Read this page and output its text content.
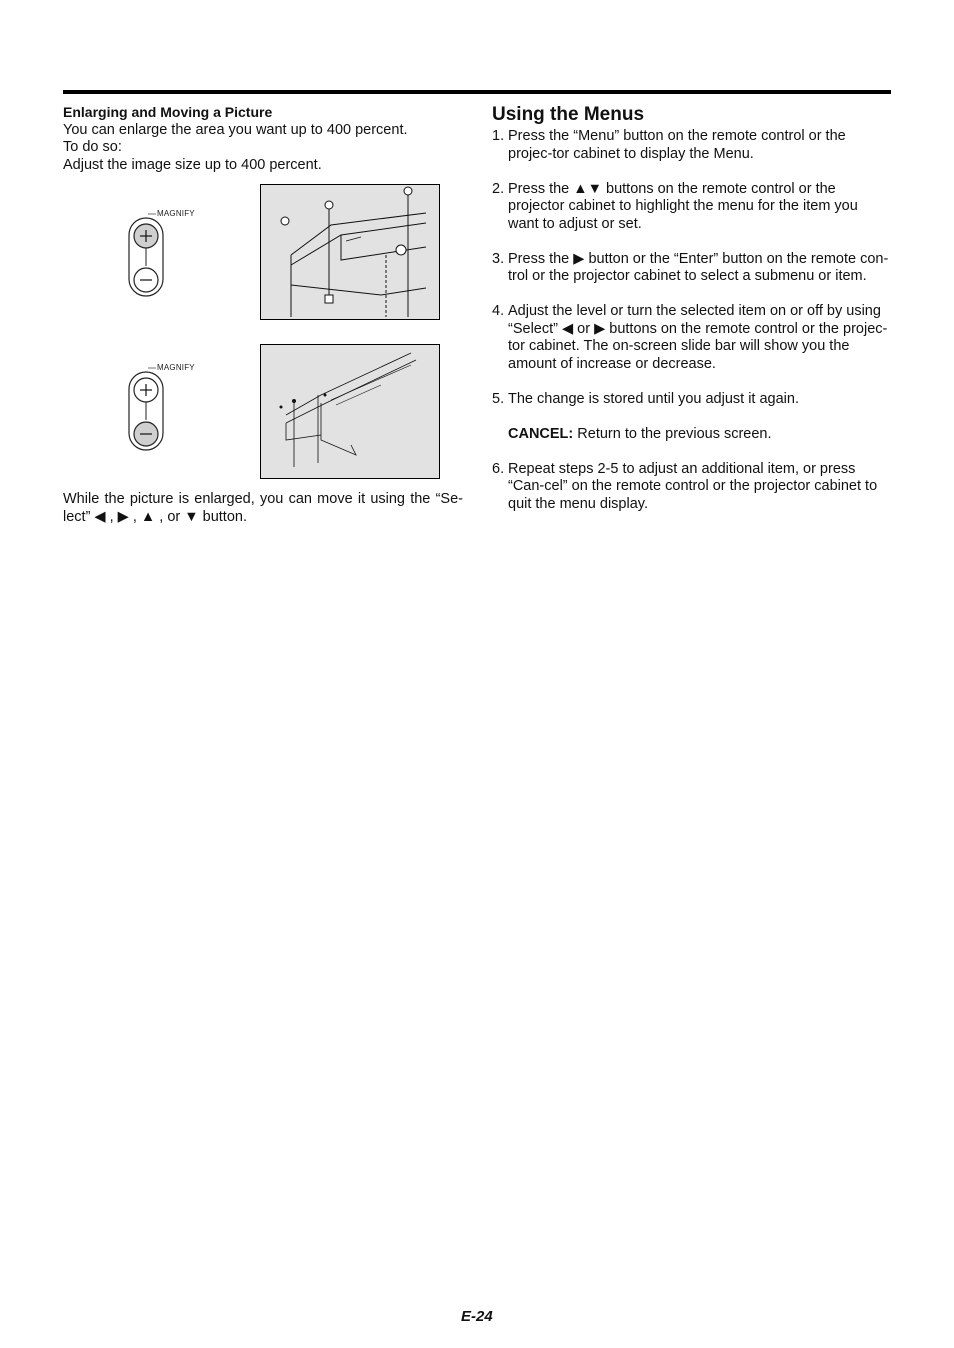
Enlarging and Moving a Picture

You can enlarge the area you want up to 400 percent.

To do so:

Adjust the image size up to 400 percent.

MAGNIFY
MAGNIFY

While the picture is enlarged, you can move it using the “Se-lect” ◀ , ▶ , ▲ , or ▼ button.

Using the Menus
1. Press the “Menu” button on the remote control or the projec-tor cabinet to display the Menu.
2. Press the ▲▼ buttons on the remote control or the projector cabinet to highlight the menu for the item you want to adjust or set.
3. Press the ▶ button or the “Enter” button on the remote con-trol or the projector cabinet to select a submenu or item.
4. Adjust the level or turn the selected item on or off by using “Select” ◀ or ▶ buttons on the remote control or the projec-tor cabinet. The on-screen slide bar will show you the amount of increase or decrease.
5. The change is stored until you adjust it again.
CANCEL: Return to the previous screen.
6. Repeat steps 2-5 to adjust an additional item, or press “Can-cel” on the remote control or the projector cabinet to quit the menu display.
E-24
